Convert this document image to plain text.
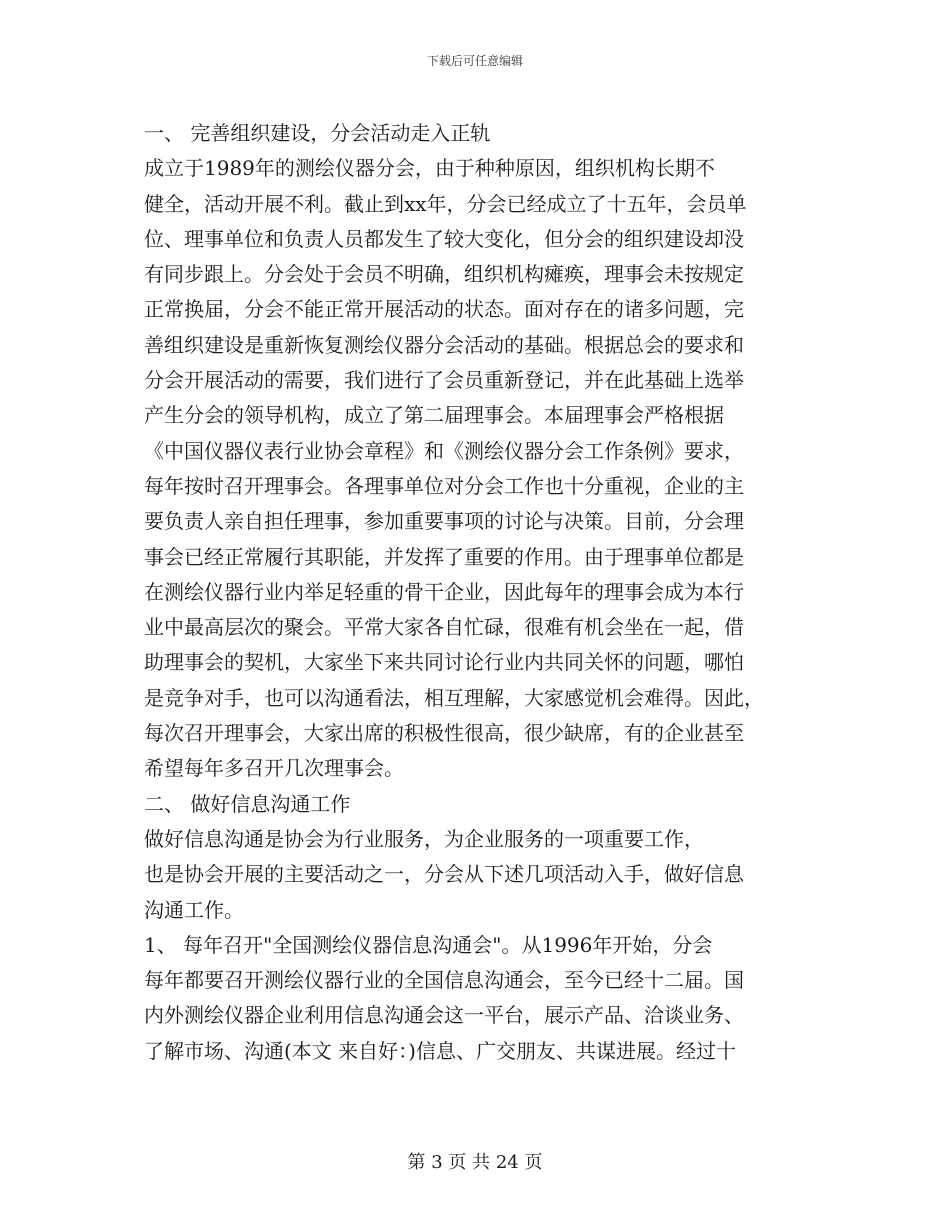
下载后可任意编辑
一、 完善组织建设，分会活动走入正轨
成立于1989年的测绘仪器分会，由于种种原因，组织机构长期不
健全，活动开展不利。截止到xx年，分会已经成立了十五年，会员单
位、理事单位和负责人员都发生了较大变化，但分会的组织建设却没
有同步跟上。分会处于会员不明确，组织机构瘫痪，理事会未按规定
正常换届，分会不能正常开展活动的状态。面对存在的诸多问题，完
善组织建设是重新恢复测绘仪器分会活动的基础。根据总会的要求和
分会开展活动的需要，我们进行了会员重新登记，并在此基础上选举
产生分会的领导机构，成立了第二届理事会。本届理事会严格根据
《中国仪器仪表行业协会章程》和《测绘仪器分会工作条例》要求，
每年按时召开理事会。各理事单位对分会工作也十分重视，企业的主
要负责人亲自担任理事，参加重要事项的讨论与决策。目前，分会理
事会已经正常履行其职能，并发挥了重要的作用。由于理事单位都是
在测绘仪器行业内举足轻重的骨干企业，因此每年的理事会成为本行
业中最高层次的聚会。平常大家各自忙碌，很难有机会坐在一起，借
助理事会的契机，大家坐下来共同讨论行业内共同关怀的问题，哪怕
是竞争对手，也可以沟通看法，相互理解，大家感觉机会难得。因此，
每次召开理事会，大家出席的积极性很高，很少缺席，有的企业甚至
希望每年多召开几次理事会。
二、 做好信息沟通工作
做好信息沟通是协会为行业服务，为企业服务的一项重要工作，
也是协会开展的主要活动之一，分会从下述几项活动入手，做好信息
沟通工作。
1、 每年召开"全国测绘仪器信息沟通会"。从1996年开始，分会
每年都要召开测绘仪器行业的全国信息沟通会，至今已经十二届。国
内外测绘仪器企业利用信息沟通会这一平台，展示产品、洽谈业务、
了解市场、沟通(本文 来自好：)信息、广交朋友、共谋进展。经过十
第 3 页 共 24 页
